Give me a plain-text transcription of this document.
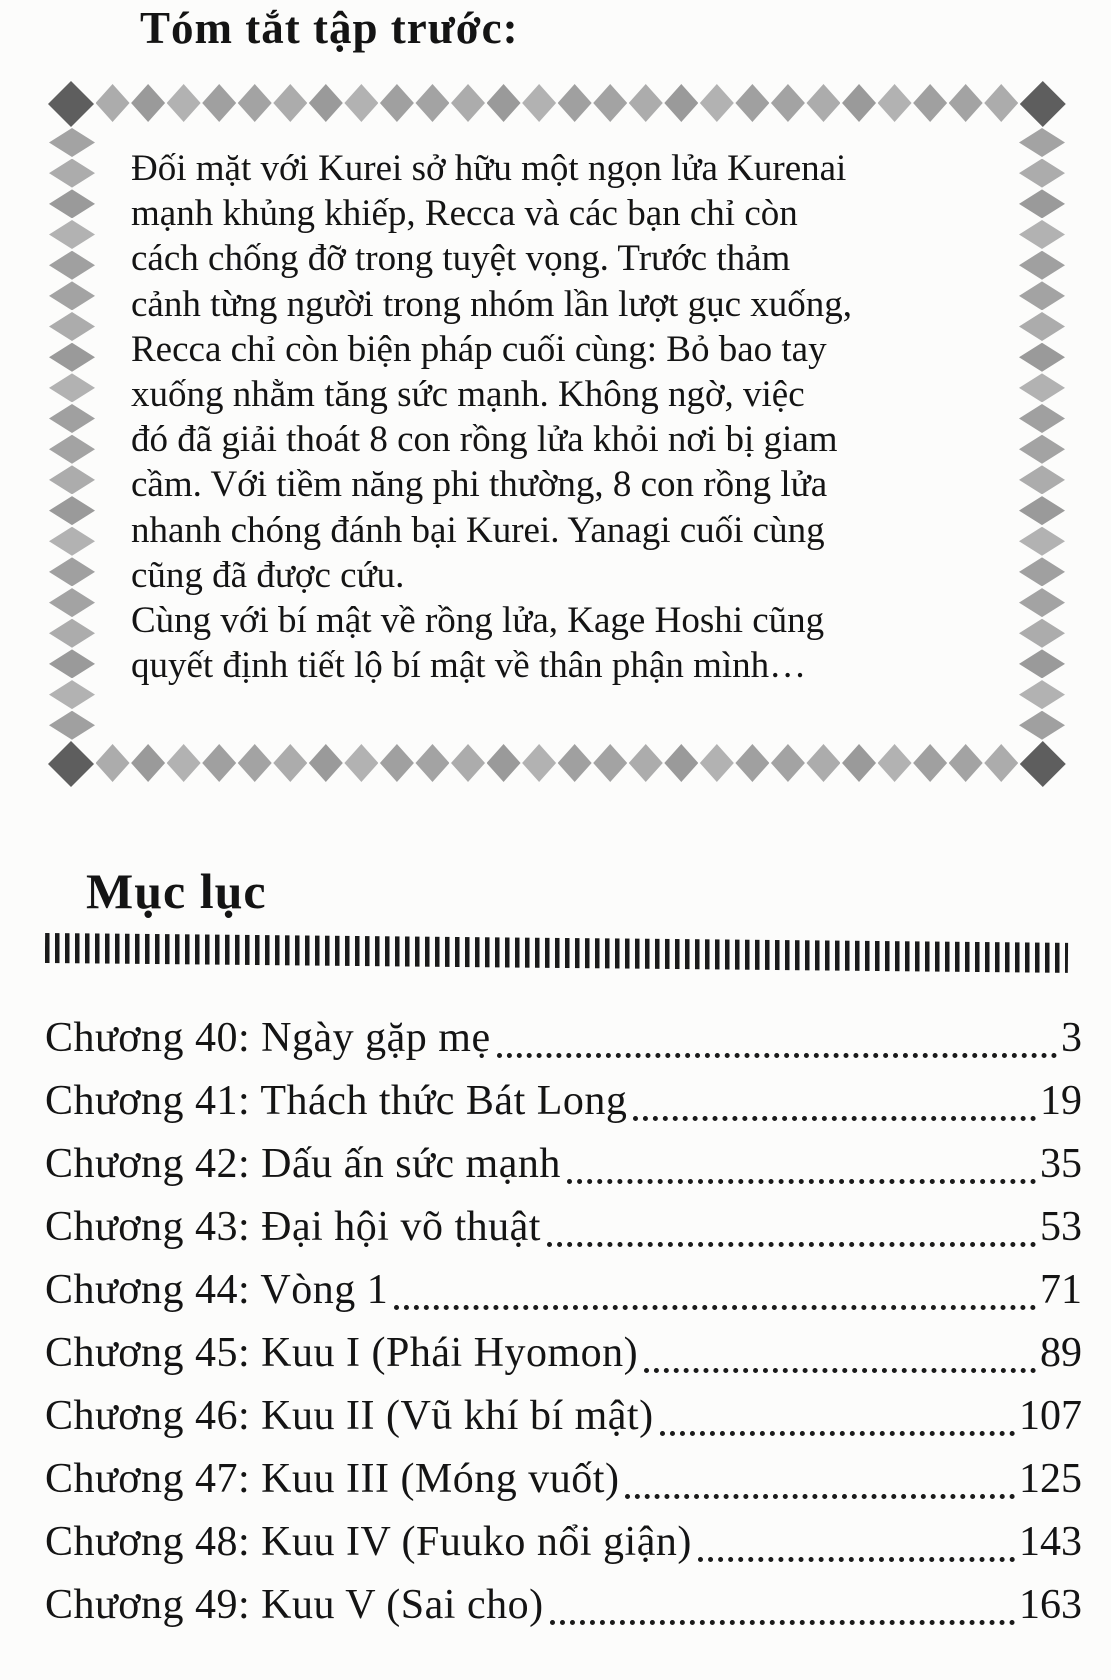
Tóm tắt tập trước:
Đối mặt với Kurei sở hữu một ngọn lửa Kurenai
mạnh khủng khiếp, Recca và các bạn chỉ còn
cách chống đỡ trong tuyệt vọng. Trước thảm
cảnh từng người trong nhóm lần lượt gục xuống,
Recca chỉ còn biện pháp cuối cùng: Bỏ bao tay
xuống nhằm tăng sức mạnh. Không ngờ, việc
đó đã giải thoát 8 con rồng lửa khỏi nơi bị giam
cầm. Với tiềm năng phi thường, 8 con rồng lửa
nhanh chóng đánh bại Kurei. Yanagi cuối cùng
cũng đã được cứu.
Cùng với bí mật về rồng lửa, Kage Hoshi cũng
quyết định tiết lộ bí mật về thân phận mình…
Mục lục
Chương 40: Ngày gặp mẹ	3
Chương 41: Thách thức Bát Long	19
Chương 42: Dấu ấn sức mạnh	35
Chương 43: Đại hội võ thuật	53
Chương 44: Vòng 1	71
Chương 45: Kuu I (Phái Hyomon)	89
Chương 46: Kuu II (Vũ khí bí mật)	107
Chương 47: Kuu III (Móng vuốt)	125
Chương 48: Kuu IV (Fuuko nổi giận)	143
Chương 49: Kuu V (Sai cho)	163
